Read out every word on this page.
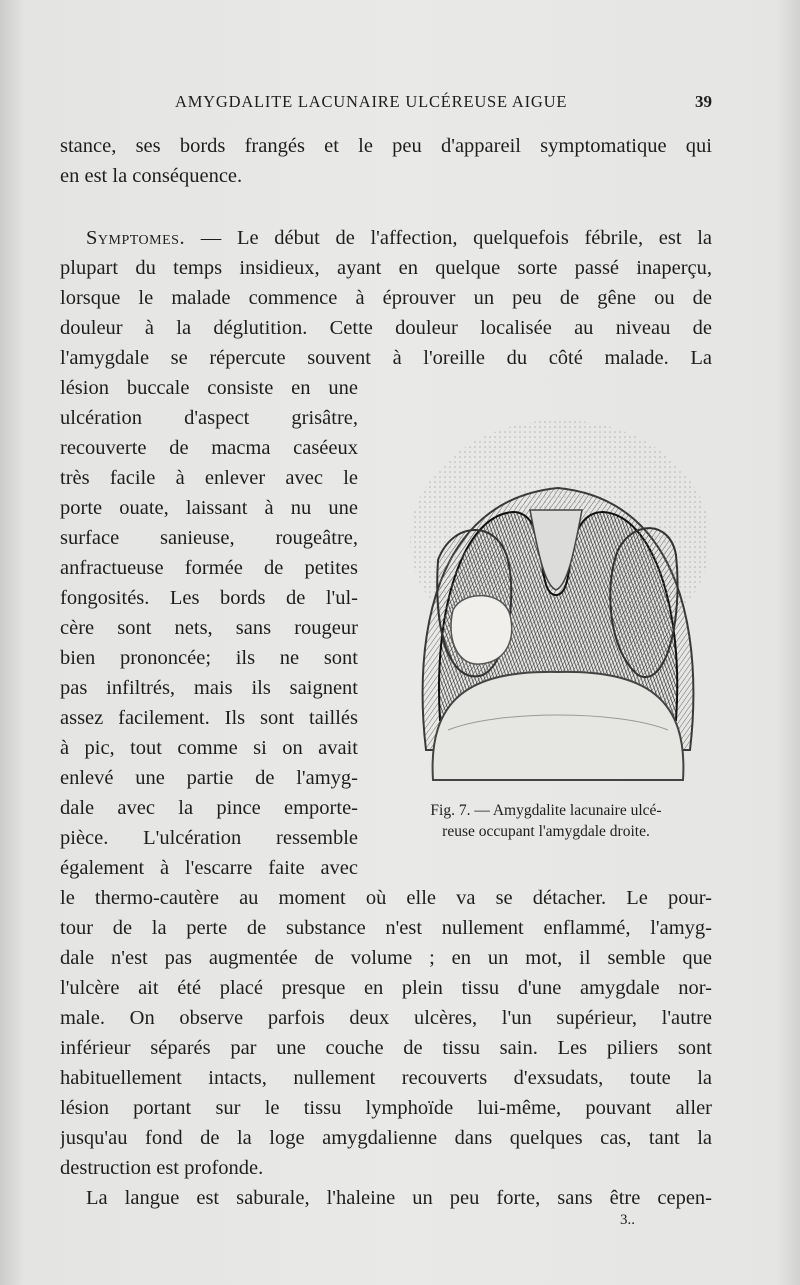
AMYGDALITE LACUNAIRE ULCÉREUSE AIGUE	39
stance, ses bords frangés et le peu d'appareil symptomatique qui
en est la conséquence.
Symptomes. — Le début de l'affection, quelquefois fébrile, est la
plupart du temps insidieux, ayant en quelque sorte passé inaperçu,
lorsque le malade commence à éprouver un peu de gêne ou de
douleur à la déglutition. Cette douleur localisée au niveau de
l'amygdale se répercute souvent à l'oreille du côté malade. La
lésion buccale consiste en une
ulcération d'aspect grisâtre,
recouverte de macma caséeux
très facile à enlever avec le
porte ouate, laissant à nu une
surface sanieuse, rougeâtre,
anfractueuse formée de petites
fongosités. Les bords de l'ul-
cère sont nets, sans rougeur
bien prononcée; ils ne sont
pas infiltrés, mais ils saignent
assez facilement. Ils sont taillés
à pic, tout comme si on avait
enlevé une partie de l'amyg-
dale avec la pince emporte-
pièce. L'ulcération ressemble
également à l'escarre faite avec
le thermo-cautère au moment où elle va se détacher. Le pour-
tour de la perte de substance n'est nullement enflammé, l'amyg-
dale n'est pas augmentée de volume ; en un mot, il semble que
l'ulcère ait été placé presque en plein tissu d'une amygdale nor-
male. On observe parfois deux ulcères, l'un supérieur, l'autre
inférieur séparés par une couche de tissu sain. Les piliers sont
habituellement intacts, nullement recouverts d'exsudats, toute la
lésion portant sur le tissu lymphoïde lui-même, pouvant aller
jusqu'au fond de la loge amygdalienne dans quelques cas, tant la
destruction est profonde.
La langue est saburale, l'haleine un peu forte, sans être cepen-
Fig. 7. — Amygdalite lacunaire ulcé-
reuse occupant l'amygdale droite.
3..
